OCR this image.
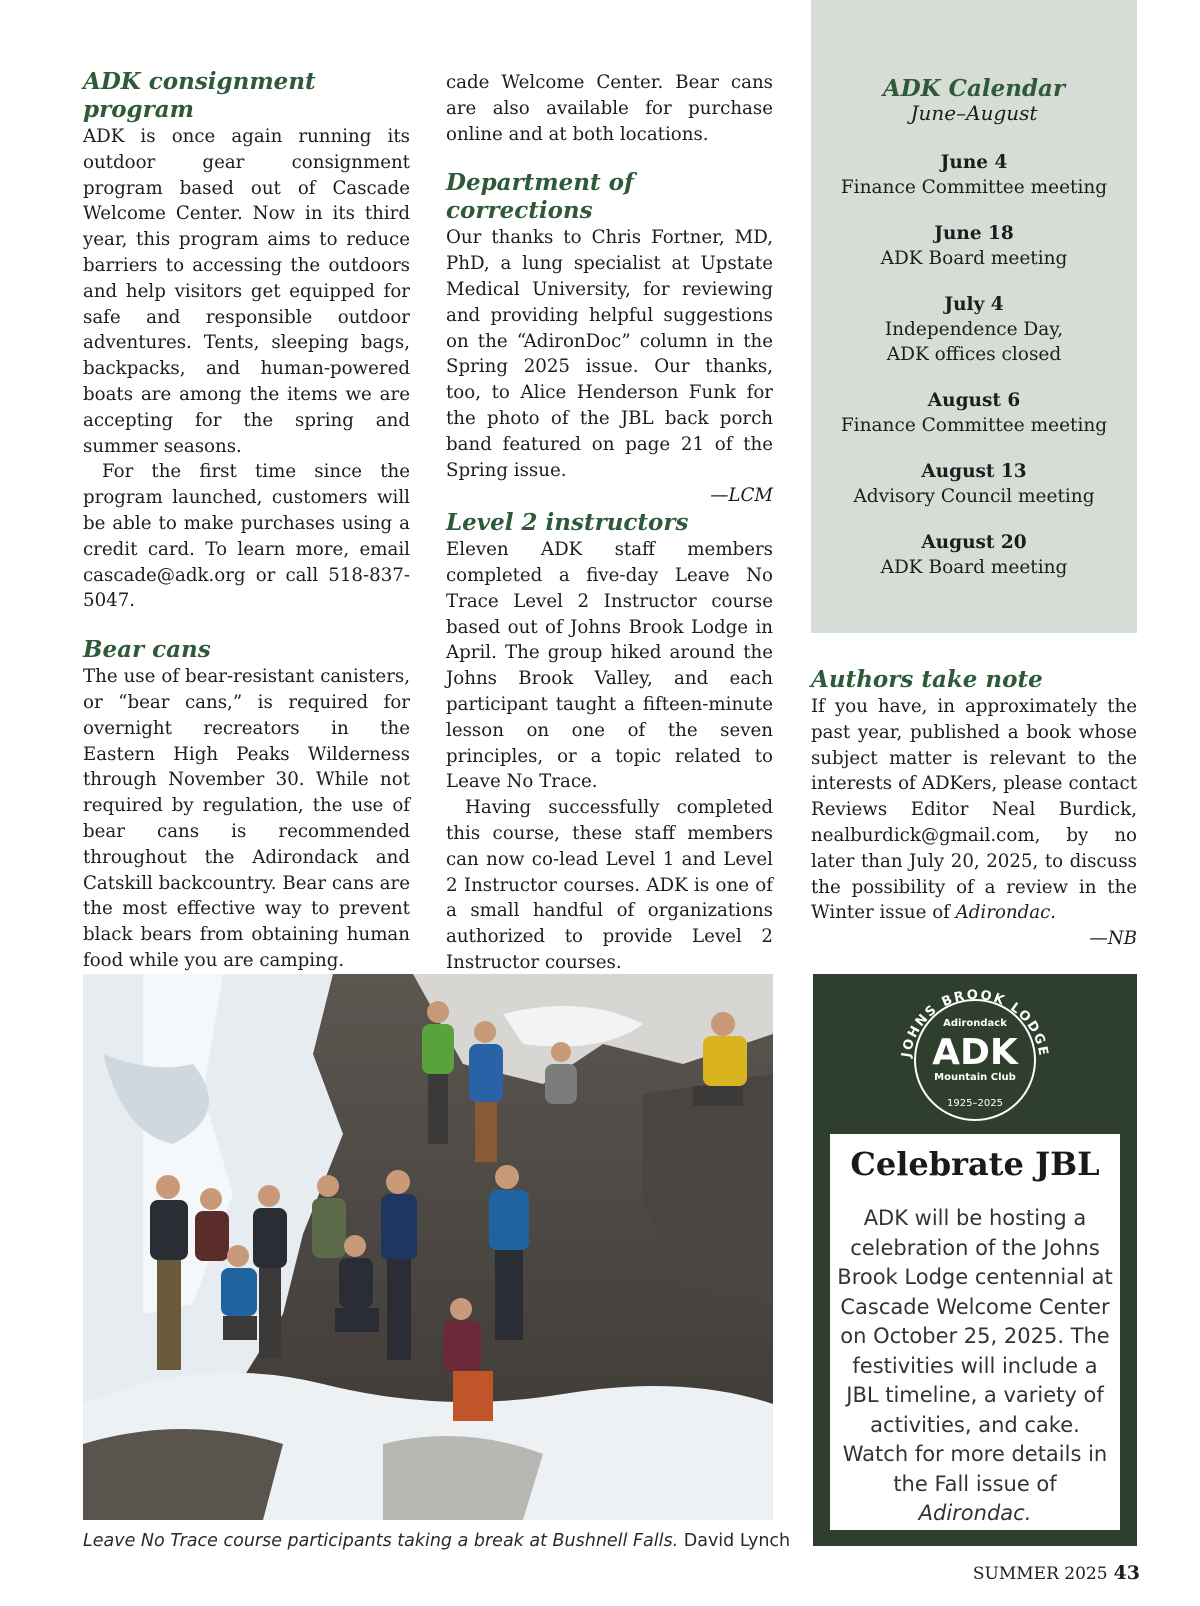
ADK consignment program

ADK is once again running its outdoor gear consignment program based out of Cascade Welcome Center. Now in its third year, this program aims to reduce barriers to accessing the outdoors and help visitors get equipped for safe and responsible outdoor adventures. Tents, sleeping bags, backpacks, and human-powered boats are among the items we are accepting for the spring and summer seasons.

For the first time since the program launched, customers will be able to make purchases using a credit card. To learn more, email cascade@adk.org or call 518-837-5047.

Bear cans

The use of bear-resistant canisters, or “bear cans,” is required for overnight recreators in the Eastern High Peaks Wilderness through November 30. While not required by regulation, the use of bear cans is recommended throughout the Adirondack and Catskill backcountry. Bear cans are the most effective way to prevent black bears from obtaining human food while you are camping.

cade Welcome Center. Bear cans are also available for purchase online and at both locations.

Department of corrections

Our thanks to Chris Fortner, MD, PhD, a lung specialist at Upstate Medical University, for reviewing and providing helpful suggestions on the “AdironDoc” column in the Spring 2025 issue. Our thanks, too, to Alice Henderson Funk for the photo of the JBL back porch band featured on page 21 of the Spring issue.

—LCM

Level 2 instructors

Eleven ADK staff members completed a five-day Leave No Trace Level 2 Instructor course based out of Johns Brook Lodge in April. The group hiked around the Johns Brook Valley, and each participant taught a fifteen-minute lesson on one of the seven principles, or a topic related to Leave No Trace.

Having successfully completed this course, these staff members can now co-lead Level 1 and Level 2 Instructor courses. ADK is one of a small handful of organizations authorized to provide Level 2 Instructor courses.

ADK Calendar
June–August
June 4
Finance Committee meeting
June 18
ADK Board meeting
July 4
Independence Day,
ADK offices closed
August 6
Finance Committee meeting
August 13
Advisory Council meeting
August 20
ADK Board meeting
Authors take note

If you have, in approximately the past year, published a book whose subject matter is relevant to the interests of ADKers, please contact Reviews Editor Neal Burdick, nealburdick@gmail.com, by no later than July 20, 2025, to discuss the possibility of a review in the Winter issue of Adirondac.

—NB

Leave No Trace course participants taking a break at Bushnell Falls. David Lynch
JOHNS BROOK LODGE
Adirondack
ADK
Mountain Club
1925–2025
Celebrate JBL
ADK will be hosting a celebration of the Johns Brook Lodge centennial at Cascade Welcome Center on October 25, 2025. The festivities will include a JBL timeline, a variety of activities, and cake. Watch for more details in the Fall issue of Adirondac.
SUMMER 2025 43
